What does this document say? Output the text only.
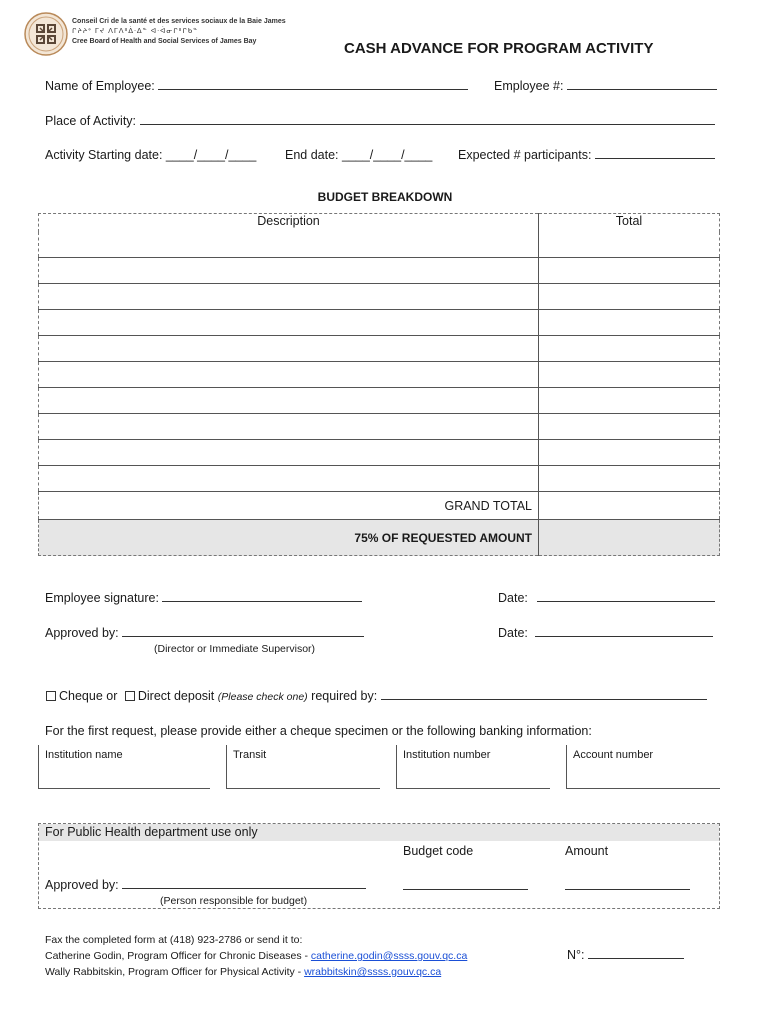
Conseil Cri de la santé et des services sociaux de la Baie James
ᒋᔨᔨᐤ ᒥᔪ ᐱᒥᐱᐦᐄᐧᐃᓐ ᐊᐧᐋᓂᒋᐦᒋᑲᓐ
Cree Board of Health and Social Services of James Bay	CASH ADVANCE FOR PROGRAM ACTIVITY
Name of Employee:	Employee #:
Place of Activity:
Activity Starting date: ____/____/____ End date: ____/____/____ Expected # participants:
BUDGET BREAKDOWN
Description	Total

GRAND TOTAL	
75% OF REQUESTED AMOUNT	
Employee signature:	Date:
Approved by:	Date:
(Director or Immediate Supervisor)
Cheque or Direct deposit (Please check one) required by:
For the first request, please provide either a cheque specimen or the following banking information:
Institution name	Transit	Institution number	Account number
For Public Health department use only
Budget code	Amount
Approved by:
(Person responsible for budget)
Fax the completed form at (418) 923-2786 or send it to:
Catherine Godin, Program Officer for Chronic Diseases - catherine.godin@ssss.gouv.qc.ca
Wally Rabbitskin, Program Officer for Physical Activity - wrabbitskin@ssss.gouv.qc.ca
N°:
